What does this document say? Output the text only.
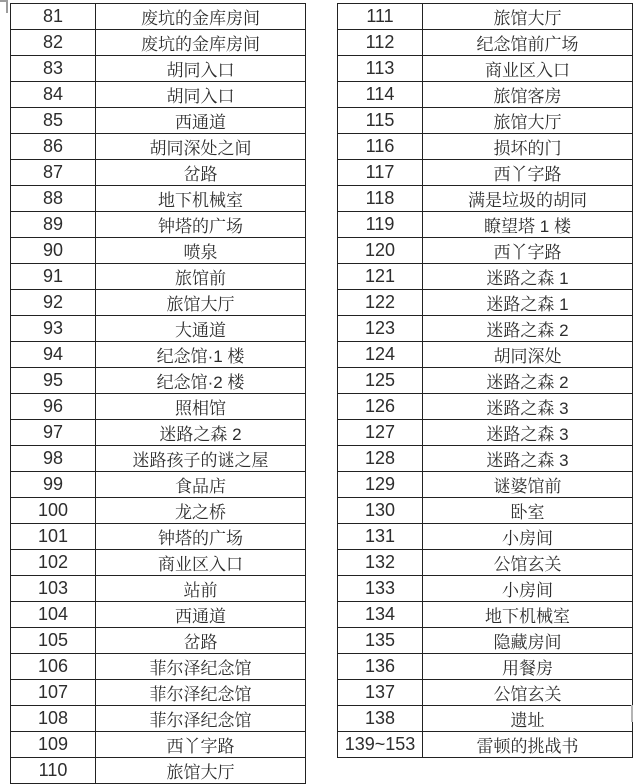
81	废坑的金库房间
82	废坑的金库房间
83	胡同入口
84	胡同入口
85	西通道
86	胡同深处之间
87	岔路
88	地下机械室
89	钟塔的广场
90	喷泉
91	旅馆前
92	旅馆大厅
93	大通道
94	纪念馆·1 楼
95	纪念馆·2 楼
96	照相馆
97	迷路之森 2
98	迷路孩子的谜之屋
99	食品店
100	龙之桥
101	钟塔的广场
102	商业区入口
103	站前
104	西通道
105	岔路
106	菲尔泽纪念馆
107	菲尔泽纪念馆
108	菲尔泽纪念馆
109	西丫字路
110	旅馆大厅
111	旅馆大厅
112	纪念馆前广场
113	商业区入口
114	旅馆客房
115	旅馆大厅
116	损坏的门
117	西丫字路
118	满是垃圾的胡同
119	瞭望塔 1 楼
120	西丫字路
121	迷路之森 1
122	迷路之森 1
123	迷路之森 2
124	胡同深处
125	迷路之森 2
126	迷路之森 3
127	迷路之森 3
128	迷路之森 3
129	谜婆馆前
130	卧室
131	小房间
132	公馆玄关
133	小房间
134	地下机械室
135	隐藏房间
136	用餐房
137	公馆玄关
138	遗址
139~153	雷顿的挑战书
